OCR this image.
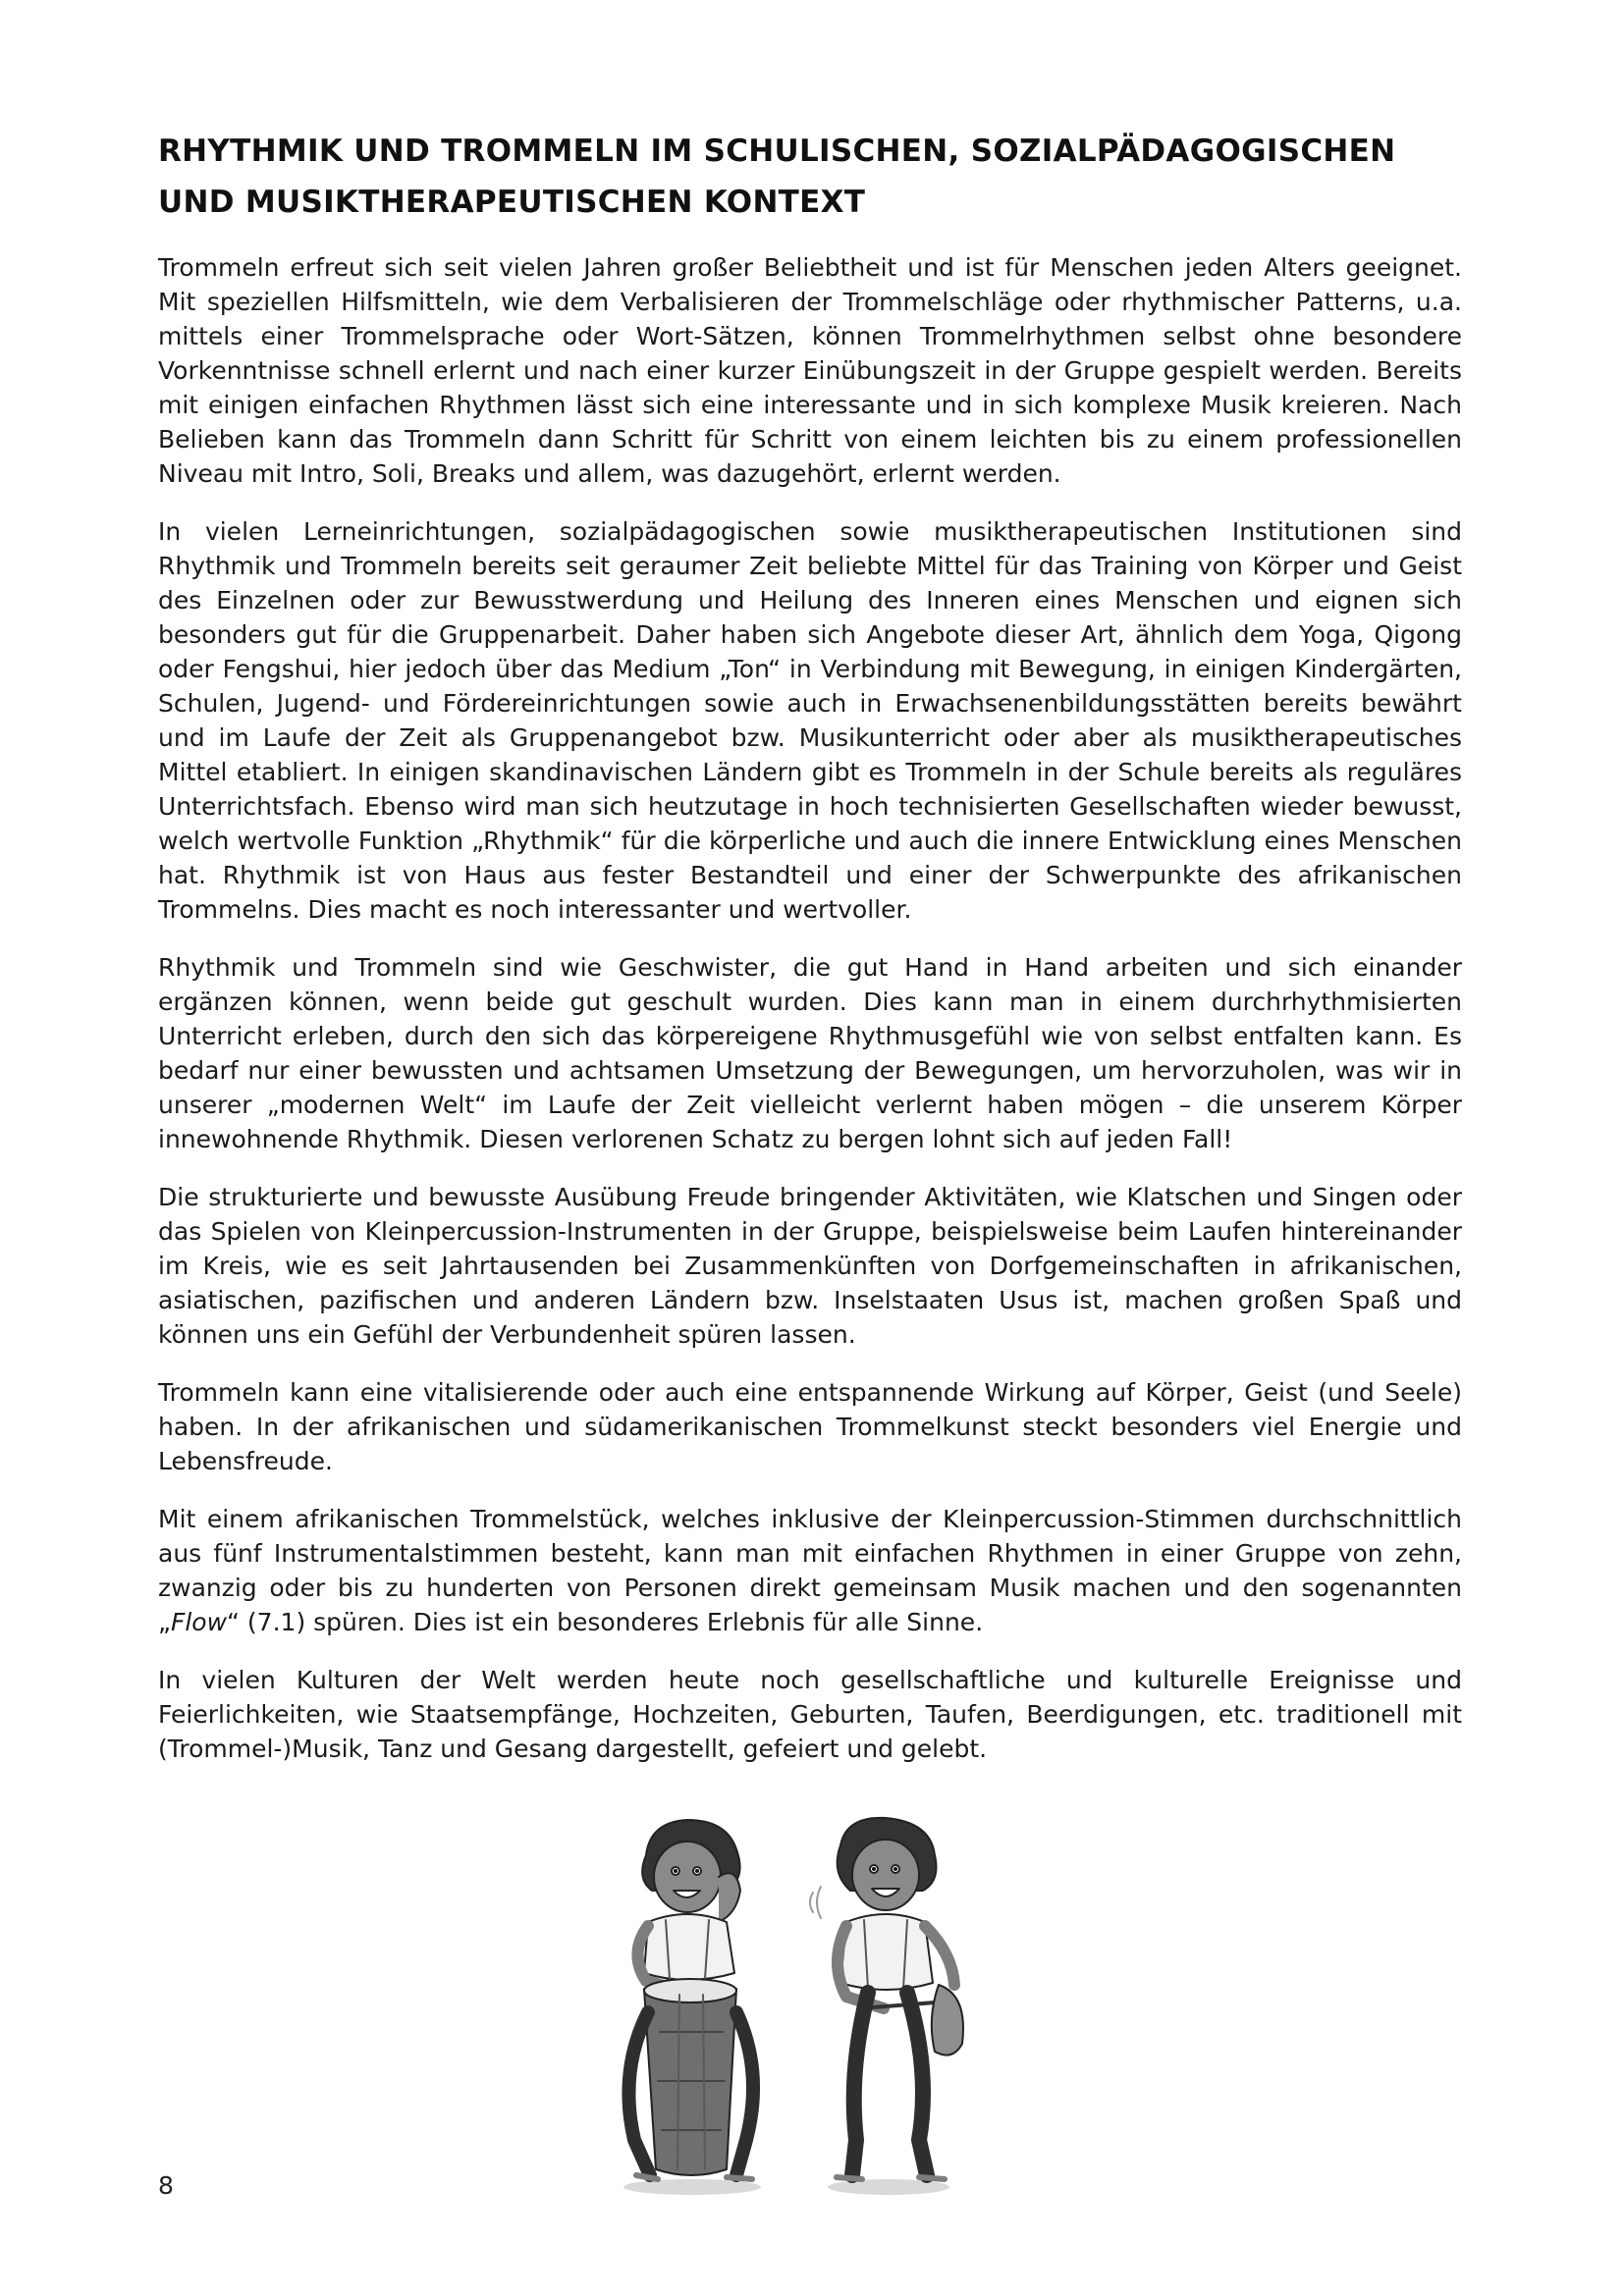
RHYTHMIK UND TROMMELN IM SCHULISCHEN, SOZIALPÄDAGOGISCHEN UND MUSIKTHERAPEUTISCHEN KONTEXT

Trommeln erfreut sich seit vielen Jahren großer Beliebtheit und ist für Menschen jeden Alters geeignet. Mit speziellen Hilfsmitteln, wie dem Verbalisieren der Trommelschläge oder rhythmischer Patterns, u.a. mittels einer Trommelsprache oder Wort-Sätzen, können Trommelrhythmen selbst ohne besondere Vorkenntnisse schnell erlernt und nach einer kurzer Einübungszeit in der Gruppe gespielt werden. Bereits mit einigen einfachen Rhythmen lässt sich eine interessante und in sich komplexe Musik kreieren. Nach Belieben kann das Trommeln dann Schritt für Schritt von einem leichten bis zu einem professionellen Niveau mit Intro, Soli, Breaks und allem, was dazugehört, erlernt werden.

In vielen Lerneinrichtungen, sozialpädagogischen sowie musiktherapeutischen Institutionen sind Rhythmik und Trommeln bereits seit geraumer Zeit beliebte Mittel für das Training von Körper und Geist des Einzelnen oder zur Bewusstwerdung und Heilung des Inneren eines Menschen und eignen sich besonders gut für die Gruppenarbeit. Daher haben sich Angebote dieser Art, ähnlich dem Yoga, Qigong oder Fengshui, hier jedoch über das Medium „Ton“ in Verbindung mit Bewegung, in einigen Kindergärten, Schulen, Jugend- und Fördereinrichtungen sowie auch in Erwachsenenbildungsstätten bereits bewährt und im Laufe der Zeit als Gruppenangebot bzw. Musikunterricht oder aber als musiktherapeutisches Mittel etabliert. In einigen skandinavischen Ländern gibt es Trommeln in der Schule bereits als reguläres Unterrichtsfach. Ebenso wird man sich heutzutage in hoch technisierten Gesellschaften wieder bewusst, welch wertvolle Funktion „Rhythmik“ für die körperliche und auch die innere Entwicklung eines Menschen hat. Rhythmik ist von Haus aus fester Bestandteil und einer der Schwerpunkte des afrikanischen Trommelns. Dies macht es noch interessanter und wertvoller.

Rhythmik und Trommeln sind wie Geschwister, die gut Hand in Hand arbeiten und sich einander ergänzen können, wenn beide gut geschult wurden. Dies kann man in einem durchrhythmisierten Unterricht erleben, durch den sich das körpereigene Rhythmusgefühl wie von selbst entfalten kann. Es bedarf nur einer bewussten und achtsamen Umsetzung der Bewegungen, um hervorzuholen, was wir in unserer „modernen Welt“ im Laufe der Zeit vielleicht verlernt haben mögen – die unserem Körper innewohnende Rhythmik. Diesen verlorenen Schatz zu bergen lohnt sich auf jeden Fall!

Die strukturierte und bewusste Ausübung Freude bringender Aktivitäten, wie Klatschen und Singen oder das Spielen von Kleinpercussion-Instrumenten in der Gruppe, beispielsweise beim Laufen hintereinander im Kreis, wie es seit Jahrtausenden bei Zusammenkünften von Dorfgemeinschaften in afrikanischen, asiatischen, pazifischen und anderen Ländern bzw. Inselstaaten Usus ist, machen großen Spaß und können uns ein Gefühl der Verbundenheit spüren lassen.

Trommeln kann eine vitalisierende oder auch eine entspannende Wirkung auf Körper, Geist (und Seele) haben. In der afrikanischen und südamerikanischen Trommelkunst steckt besonders viel Energie und Lebensfreude.

Mit einem afrikanischen Trommelstück, welches inklusive der Kleinpercussion-Stimmen durchschnittlich aus fünf Instrumentalstimmen besteht, kann man mit einfachen Rhythmen in einer Gruppe von zehn, zwanzig oder bis zu hunderten von Personen direkt gemeinsam Musik machen und den sogenannten „Flow“ (7.1) spüren. Dies ist ein besonderes Erlebnis für alle Sinne.

In vielen Kulturen der Welt werden heute noch gesellschaftliche und kulturelle Ereignisse und Feierlichkeiten, wie Staatsempfänge, Hochzeiten, Geburten, Taufen, Beerdigungen, etc. traditionell mit (Trommel-)Musik, Tanz und Gesang dargestellt, gefeiert und gelebt.

8
